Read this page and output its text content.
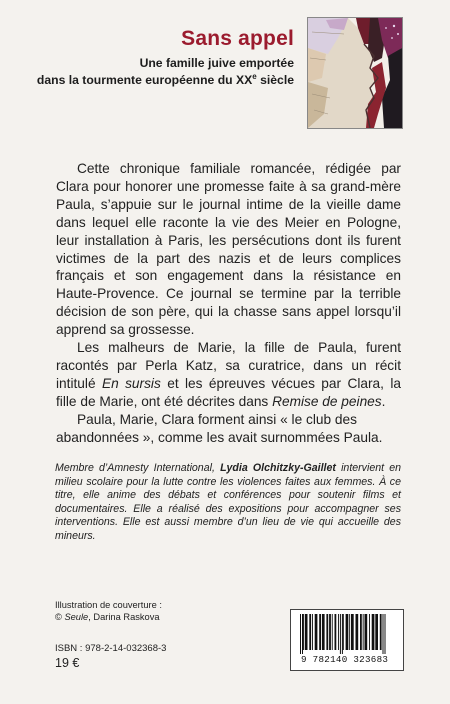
Sans appel
Une famille juive emportée
dans la tourmente européenne du XXe siècle

Cette chronique familiale romancée, rédigée par Clara pour honorer une promesse faite à sa grand-mère Paula, s’appuie sur le journal intime de la vieille dame dans lequel elle raconte la vie des Meier en Pologne, leur installation à Paris, les persécutions dont ils furent victimes de la part des nazis et de leurs complices français et son engagement dans la résistance en Haute-Provence. Ce journal se termine par la terrible décision de son père, qui la chasse sans appel lorsqu’il apprend sa grossesse.

Les malheurs de Marie, la fille de Paula, furent racontés par Perla Katz, sa curatrice, dans un récit intitulé En sursis et les épreuves vécues par Clara, la fille de Marie, ont été décrites dans Remise de peines.

Paula, Marie, Clara forment ainsi « le club des abandonnées », comme les avait surnommées Paula.

Membre d’Amnesty International, Lydia Olchitzky-Gaillet intervient en milieu scolaire pour la lutte contre les violences faites aux femmes. À ce titre, elle anime des débats et conférences pour soutenir films et documentaires. Elle a réalisé des expositions pour accompagner ses interventions. Elle est aussi membre d’un lieu de vie qui accueille des mineurs.
Illustration de couverture :
© Seule, Darina Raskova
ISBN : 978-2-14-032368-3
19 €	9 782140 323683
